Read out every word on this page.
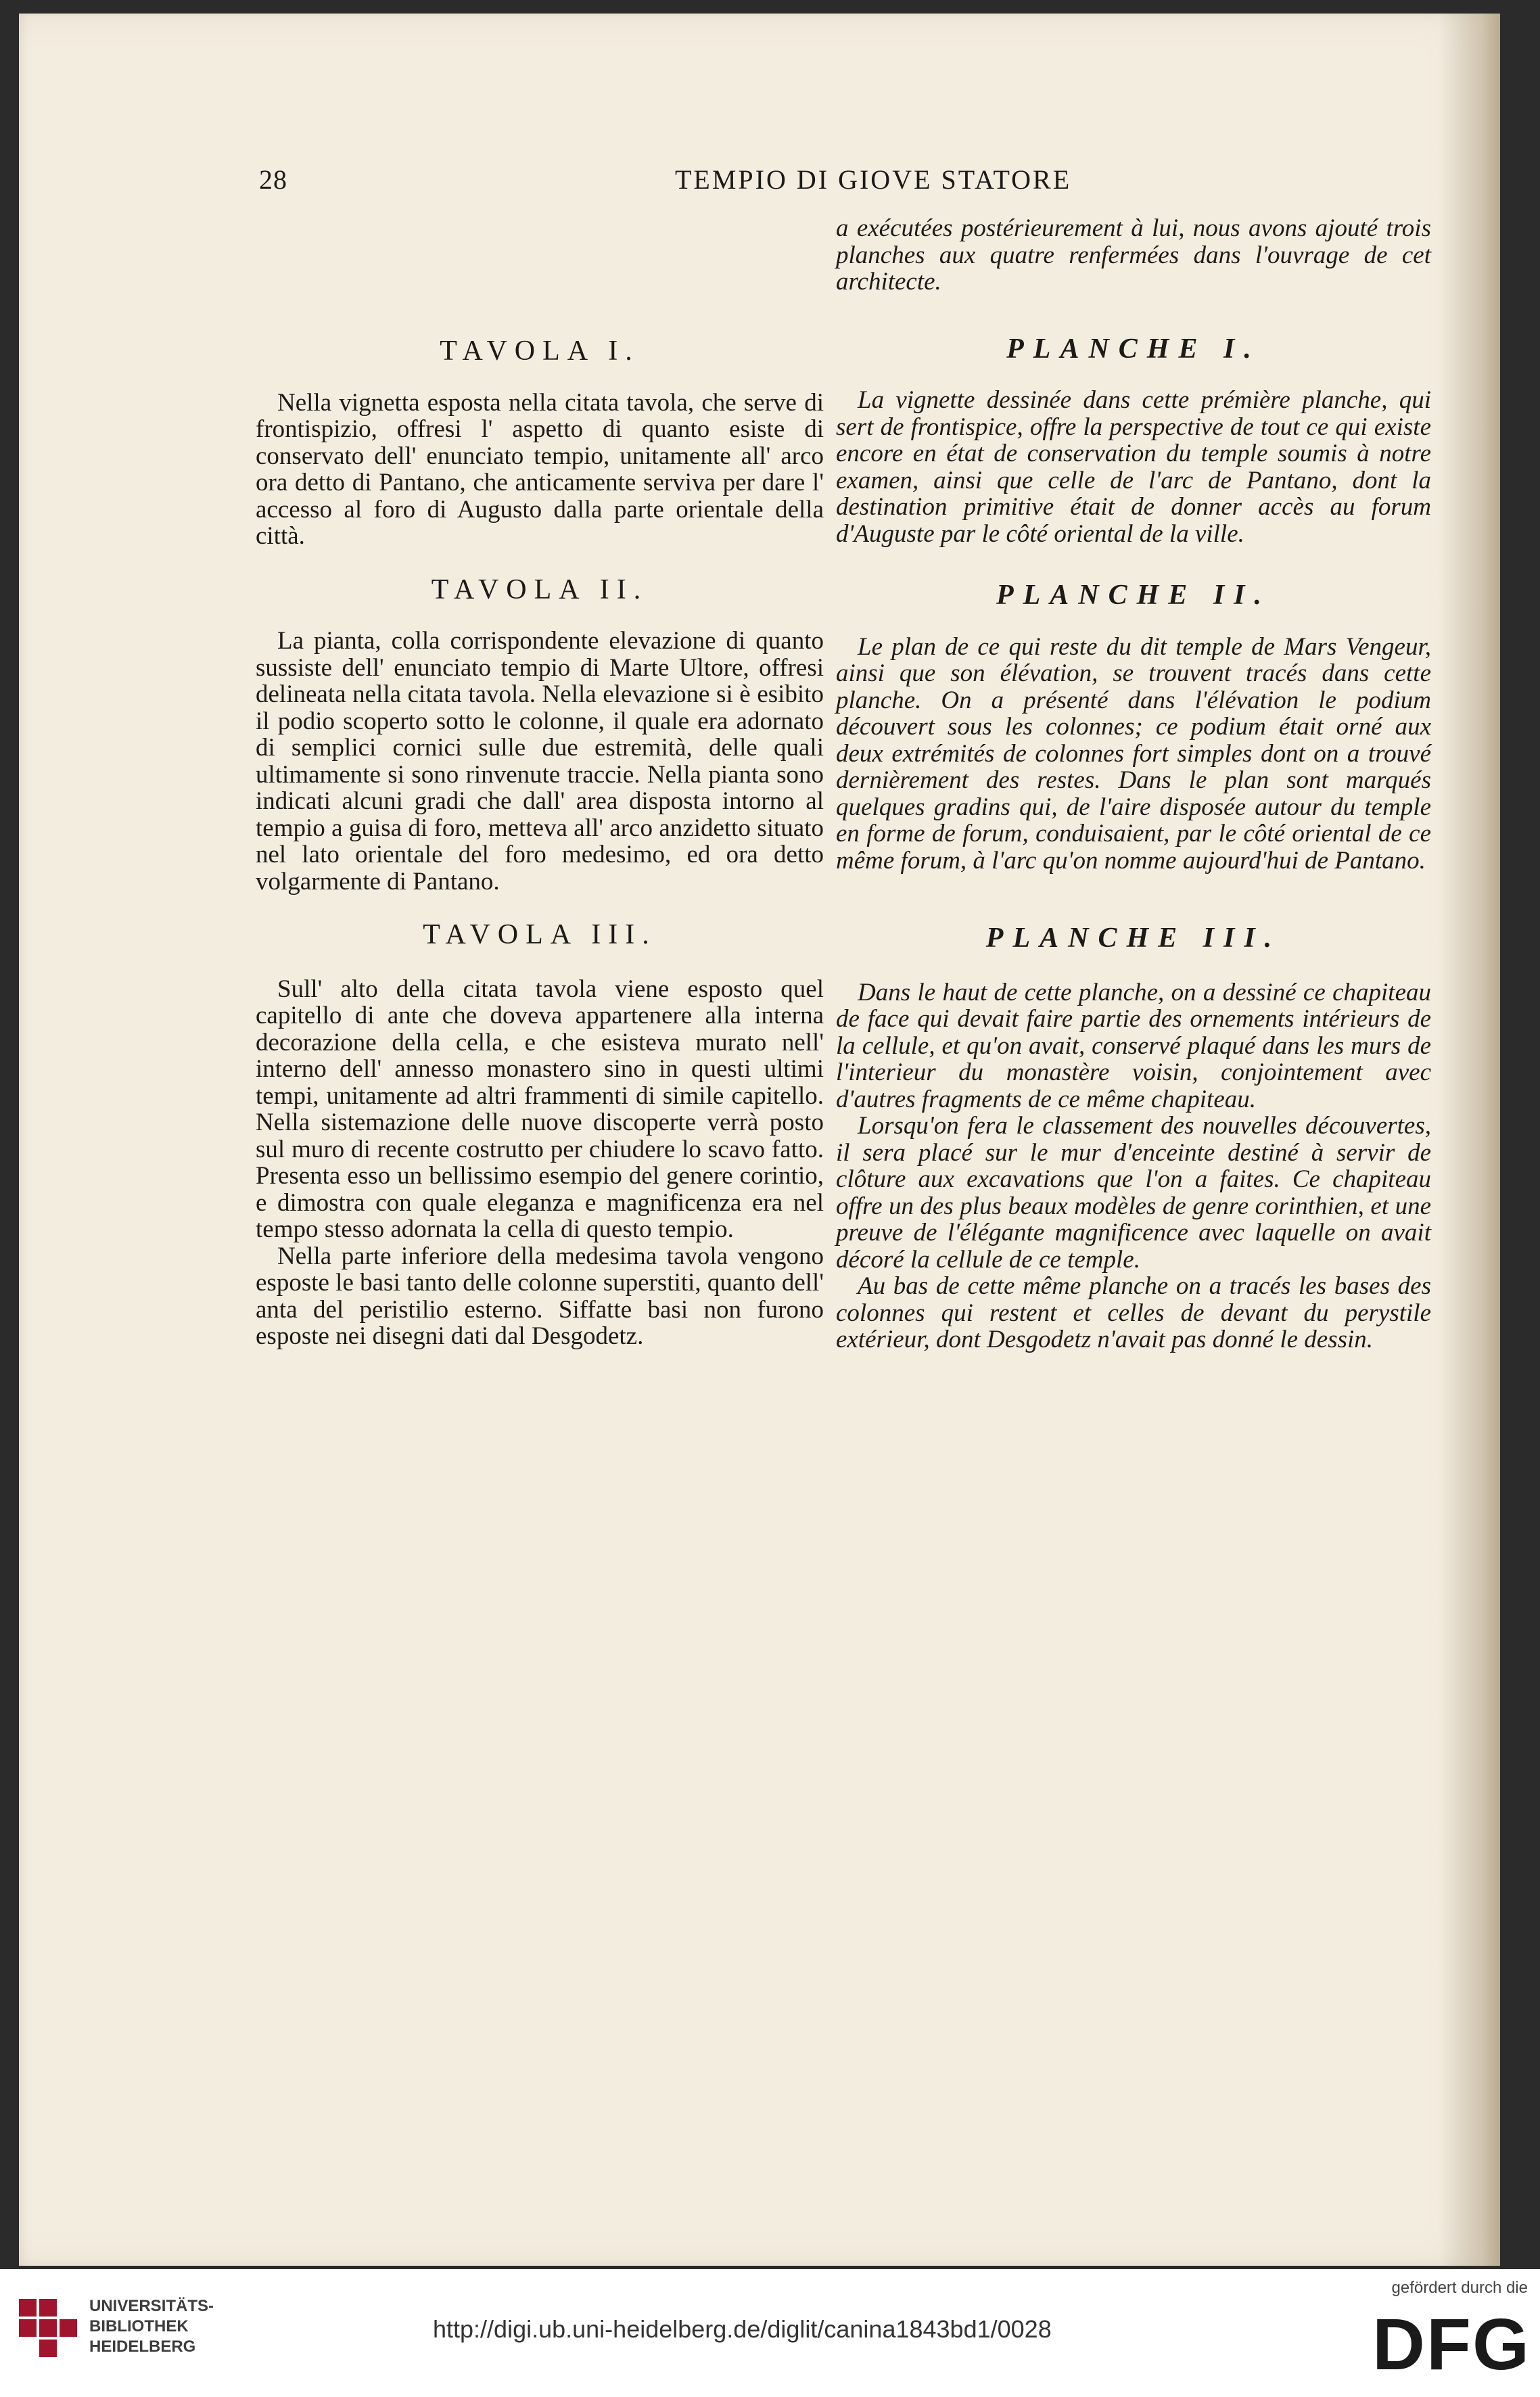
28	TEMPIO DI GIOVE STATORE

TAVOLA I.

Nella vignetta esposta nella citata tavola, che serve di frontispizio, offresi l' aspetto di quanto esiste di conservato dell' enunciato tempio, unitamente all' arco ora detto di Pantano, che anticamente serviva per dare l' accesso al foro di Augusto dalla parte orientale della città.

TAVOLA II.

La pianta, colla corrispondente elevazione di quanto sussiste dell' enunciato tempio di Marte Ultore, offresi delineata nella citata tavola. Nella elevazione si è esibito il podio scoperto sotto le colonne, il quale era adornato di semplici cornici sulle due estremità, delle quali ultimamente si sono rinvenute traccie. Nella pianta sono indicati alcuni gradi che dall' area disposta intorno al tempio a guisa di foro, metteva all' arco anzidetto situato nel lato orientale del foro medesimo, ed ora detto volgarmente di Pantano.

TAVOLA III.

Sull' alto della citata tavola viene esposto quel capitello di ante che doveva appartenere alla interna decorazione della cella, e che esisteva murato nell' interno dell' annesso monastero sino in questi ultimi tempi, unitamente ad altri frammenti di simile capitello. Nella sistemazione delle nuove discoperte verrà posto sul muro di recente costrutto per chiudere lo scavo fatto. Presenta esso un bellissimo esempio del genere corintio, e dimostra con quale eleganza e magnificenza era nel tempo stesso adornata la cella di questo tempio.

Nella parte inferiore della medesima tavola vengono esposte le basi tanto delle colonne superstiti, quanto dell' anta del peristilio esterno. Siffatte basi non furono esposte nei disegni dati dal Desgodetz.

a exécutées postérieurement à lui, nous avons ajouté trois planches aux quatre renfermées dans l'ouvrage de cet architecte.

PLANCHE I.

La vignette dessinée dans cette prémière planche, qui sert de frontispice, offre la perspective de tout ce qui existe encore en état de conservation du temple soumis à notre examen, ainsi que celle de l'arc de Pantano, dont la destination primitive était de donner accès au forum d'Auguste par le côté oriental de la ville.

PLANCHE II.

Le plan de ce qui reste du dit temple de Mars Vengeur, ainsi que son élévation, se trouvent tracés dans cette planche. On a présenté dans l'élévation le podium découvert sous les colonnes; ce podium était orné aux deux extrémités de colonnes fort simples dont on a trouvé dernièrement des restes. Dans le plan sont marqués quelques gradins qui, de l'aire disposée autour du temple en forme de forum, conduisaient, par le côté oriental de ce même forum, à l'arc qu'on nomme aujourd'hui de Pantano.

PLANCHE III.

Dans le haut de cette planche, on a dessiné ce chapiteau de face qui devait faire partie des ornements intérieurs de la cellule, et qu'on avait, conservé plaqué dans les murs de l'interieur du monastère voisin, conjointement avec d'autres fragments de ce même chapiteau.

Lorsqu'on fera le classement des nouvelles découvertes, il sera placé sur le mur d'enceinte destiné à servir de clôture aux excavations que l'on a faites. Ce chapiteau offre un des plus beaux modèles de genre corinthien, et une preuve de l'élégante magnificence avec laquelle on avait décoré la cellule de ce temple.

Au bas de cette même planche on a tracés les bases des colonnes qui restent et celles de devant du perystile extérieur, dont Desgodetz n'avait pas donné le dessin.

UNIVERSITÄTS-
BIBLIOTHEK
HEIDELBERG
http://digi.ub.uni-heidelberg.de/diglit/canina1843bd1/0028
gefördert durch die
DFG
